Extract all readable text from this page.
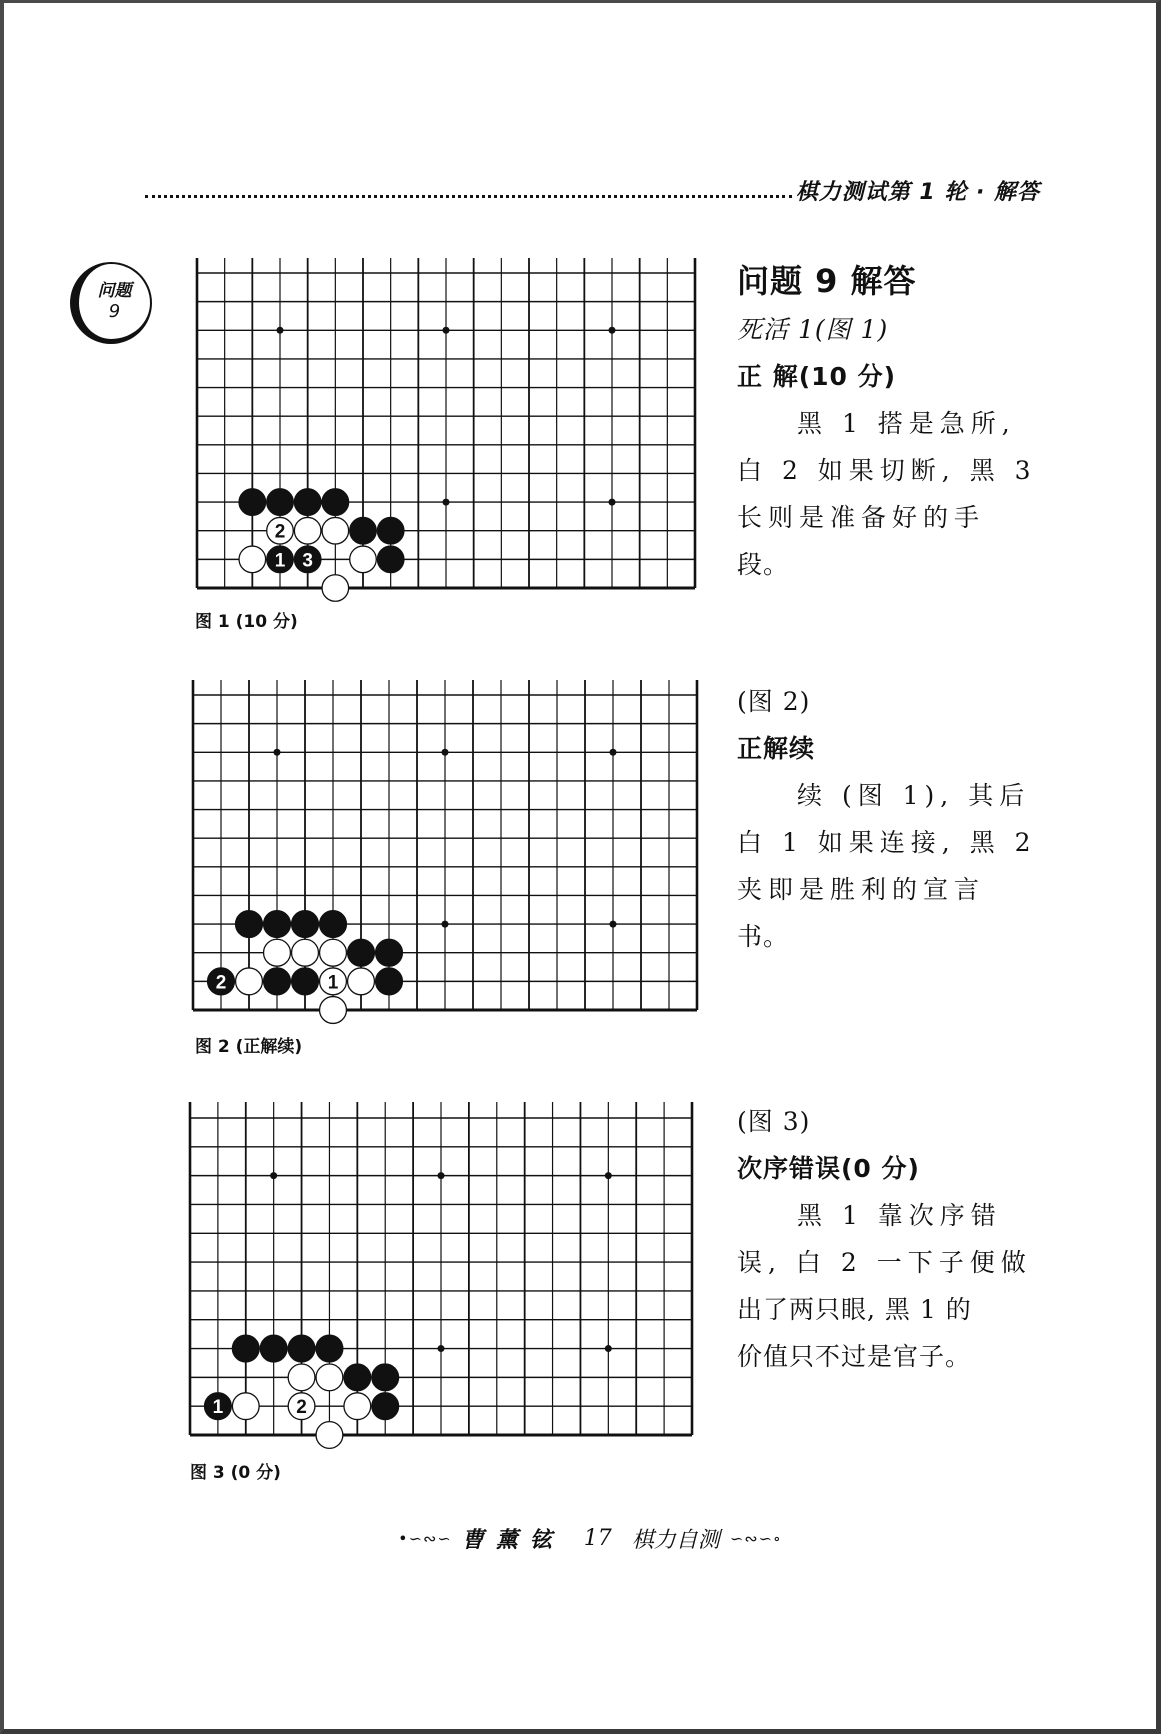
棋力测试第 1 轮 · 解答
问题
9
2
1 3
图 1 (10 分)
2	1
图 2 (正解续)
1	2
图 3 (0 分)
问题 9 解答
死活 1(图 1)
正 解(10 分)
黑 1 搭是急所,
白 2 如果切断, 黑 3
长则是准备好的手
段。
(图 2)
正解续
续 (图 1), 其后
白 1 如果连接, 黑 2
夹即是胜利的宣言
书。
(图 3)
次序错误(0 分)
黑 1 靠次序错
误, 白 2 一下子便做
出了两只眼, 黑 1 的
价值只不过是官子。
•∽∾∽ 曹薰铉 17 棋力自测 ∽∾∽∘
